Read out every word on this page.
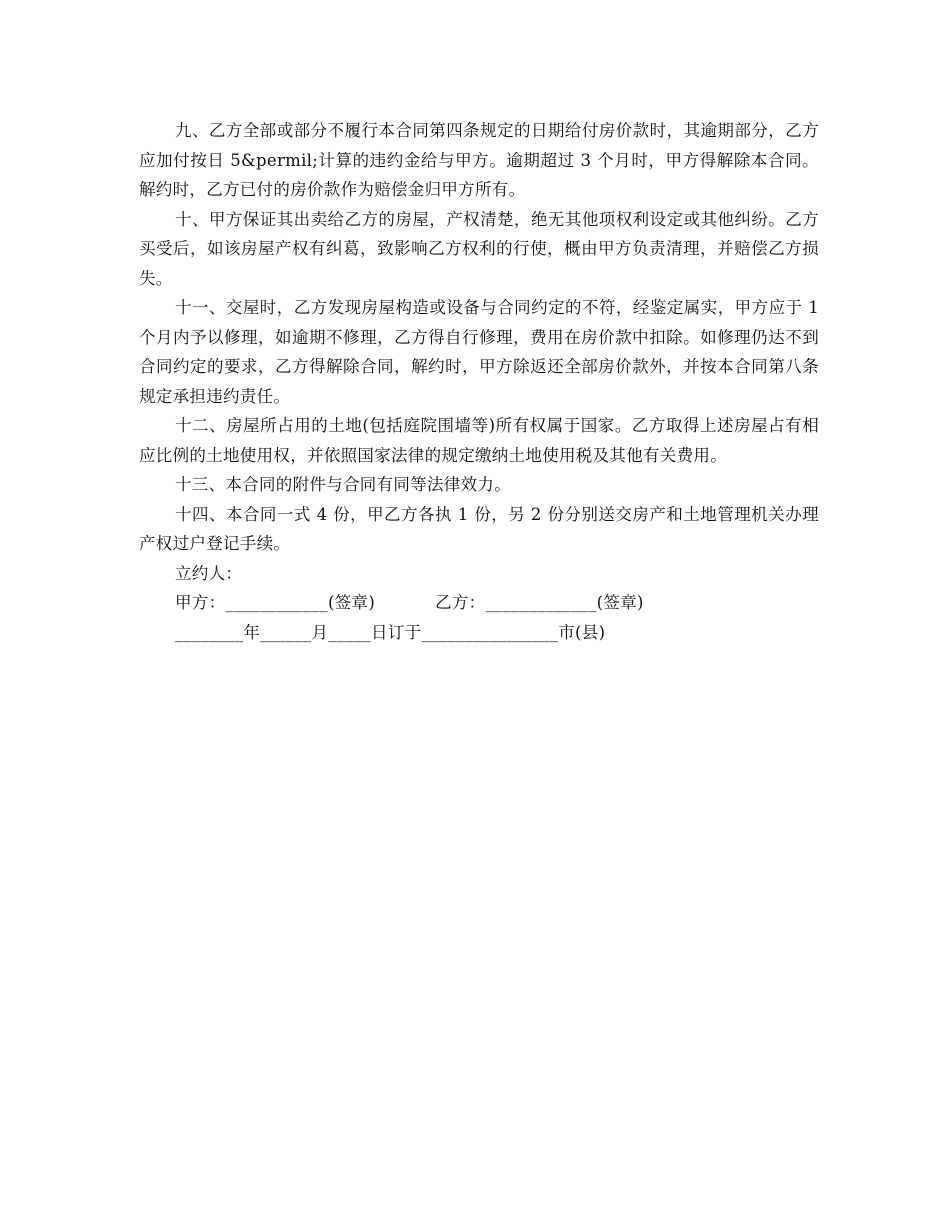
九、乙方全部或部分不履行本合同第四条规定的日期给付房价款时，其逾期部分，乙方应加付按日 5&permil;计算的违约金给与甲方。逾期超过 3 个月时，甲方得解除本合同。解约时，乙方已付的房价款作为赔偿金归甲方所有。

十、甲方保证其出卖给乙方的房屋，产权清楚，绝无其他项权利设定或其他纠纷。乙方买受后，如该房屋产权有纠葛，致影响乙方权利的行使，概由甲方负责清理，并赔偿乙方损失。

十一、交屋时，乙方发现房屋构造或设备与合同约定的不符，经鉴定属实，甲方应于 1 个月内予以修理，如逾期不修理，乙方得自行修理，费用在房价款中扣除。如修理仍达不到合同约定的要求，乙方得解除合同，解约时，甲方除返还全部房价款外，并按本合同第八条规定承担违约责任。

十二、房屋所占用的土地(包括庭院围墙等)所有权属于国家。乙方取得上述房屋占有相应比例的土地使用权，并依照国家法律的规定缴纳土地使用税及其他有关费用。

十三、本合同的附件与合同有同等法律效力。

十四、本合同一式 4 份，甲乙方各执 1 份，另 2 份分别送交房产和土地管理机关办理产权过户登记手续。

立约人：

甲方：____________(签章)	乙方：_____________(签章)

________年______月_____日订于________________市(县)
